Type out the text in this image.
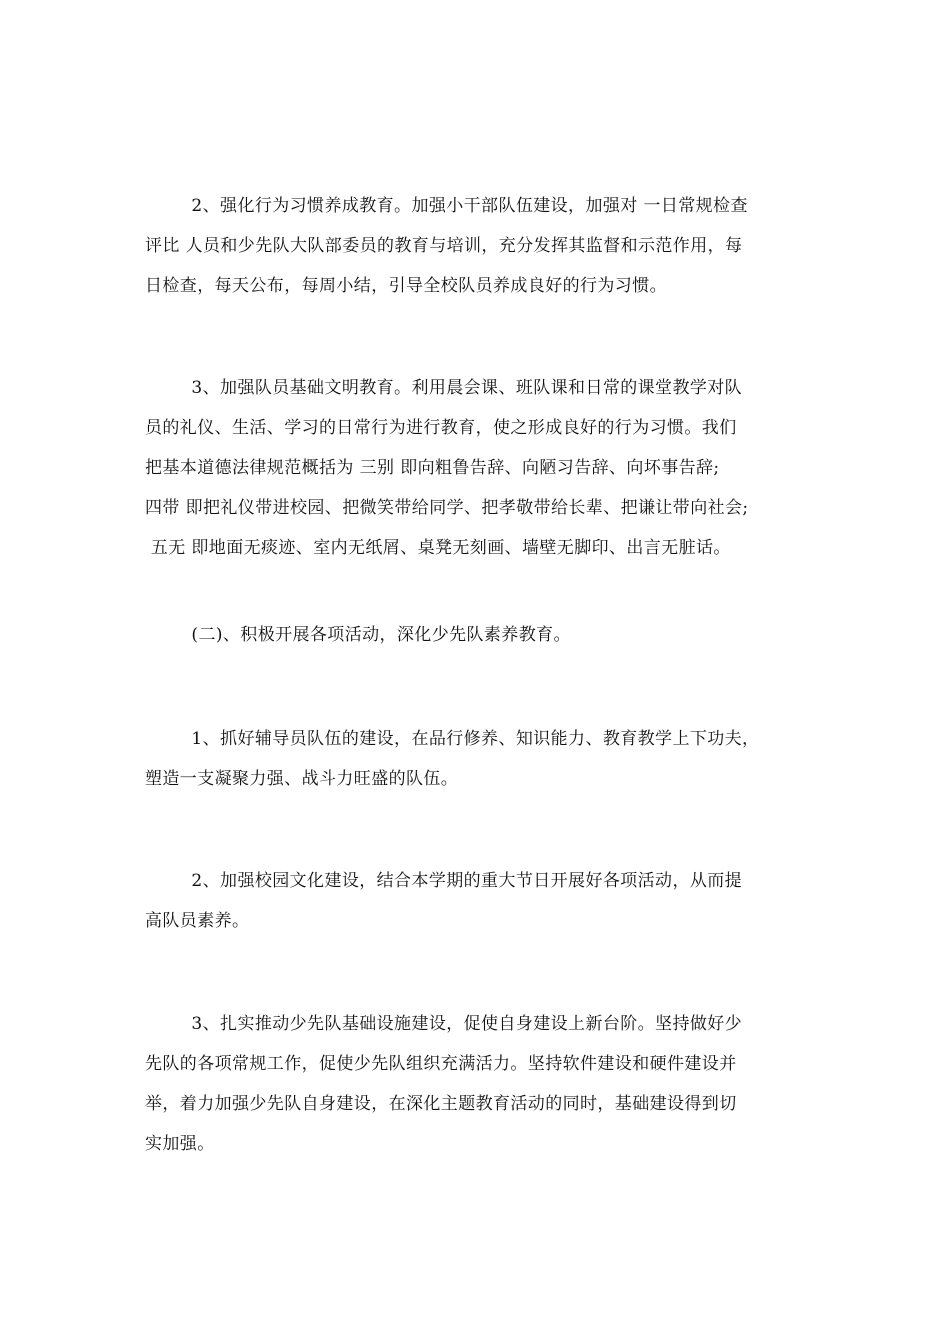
2、强化行为习惯养成教育。加强小干部队伍建设，加强对 一日常规检查
评比 人员和少先队大队部委员的教育与培训，充分发挥其监督和示范作用，每
日检查，每天公布，每周小结，引导全校队员养成良好的行为习惯。

3、加强队员基础文明教育。利用晨会课、班队课和日常的课堂教学对队
员的礼仪、生活、学习的日常行为进行教育，使之形成良好的行为习惯。我们
把基本道德法律规范概括为 三别 即向粗鲁告辞、向陋习告辞、向坏事告辞;
四带 即把礼仪带进校园、把微笑带给同学、把孝敬带给长辈、把谦让带向社会;
五无 即地面无痰迹、室内无纸屑、桌凳无刻画、墙壁无脚印、出言无脏话。

(二)、积极开展各项活动，深化少先队素养教育。

1、抓好辅导员队伍的建设，在品行修养、知识能力、教育教学上下功夫，
塑造一支凝聚力强、战斗力旺盛的队伍。

2、加强校园文化建设，结合本学期的重大节日开展好各项活动，从而提
高队员素养。

3、扎实推动少先队基础设施建设，促使自身建设上新台阶。坚持做好少
先队的各项常规工作，促使少先队组织充满活力。坚持软件建设和硬件建设并
举，着力加强少先队自身建设，在深化主题教育活动的同时，基础建设得到切
实加强。
